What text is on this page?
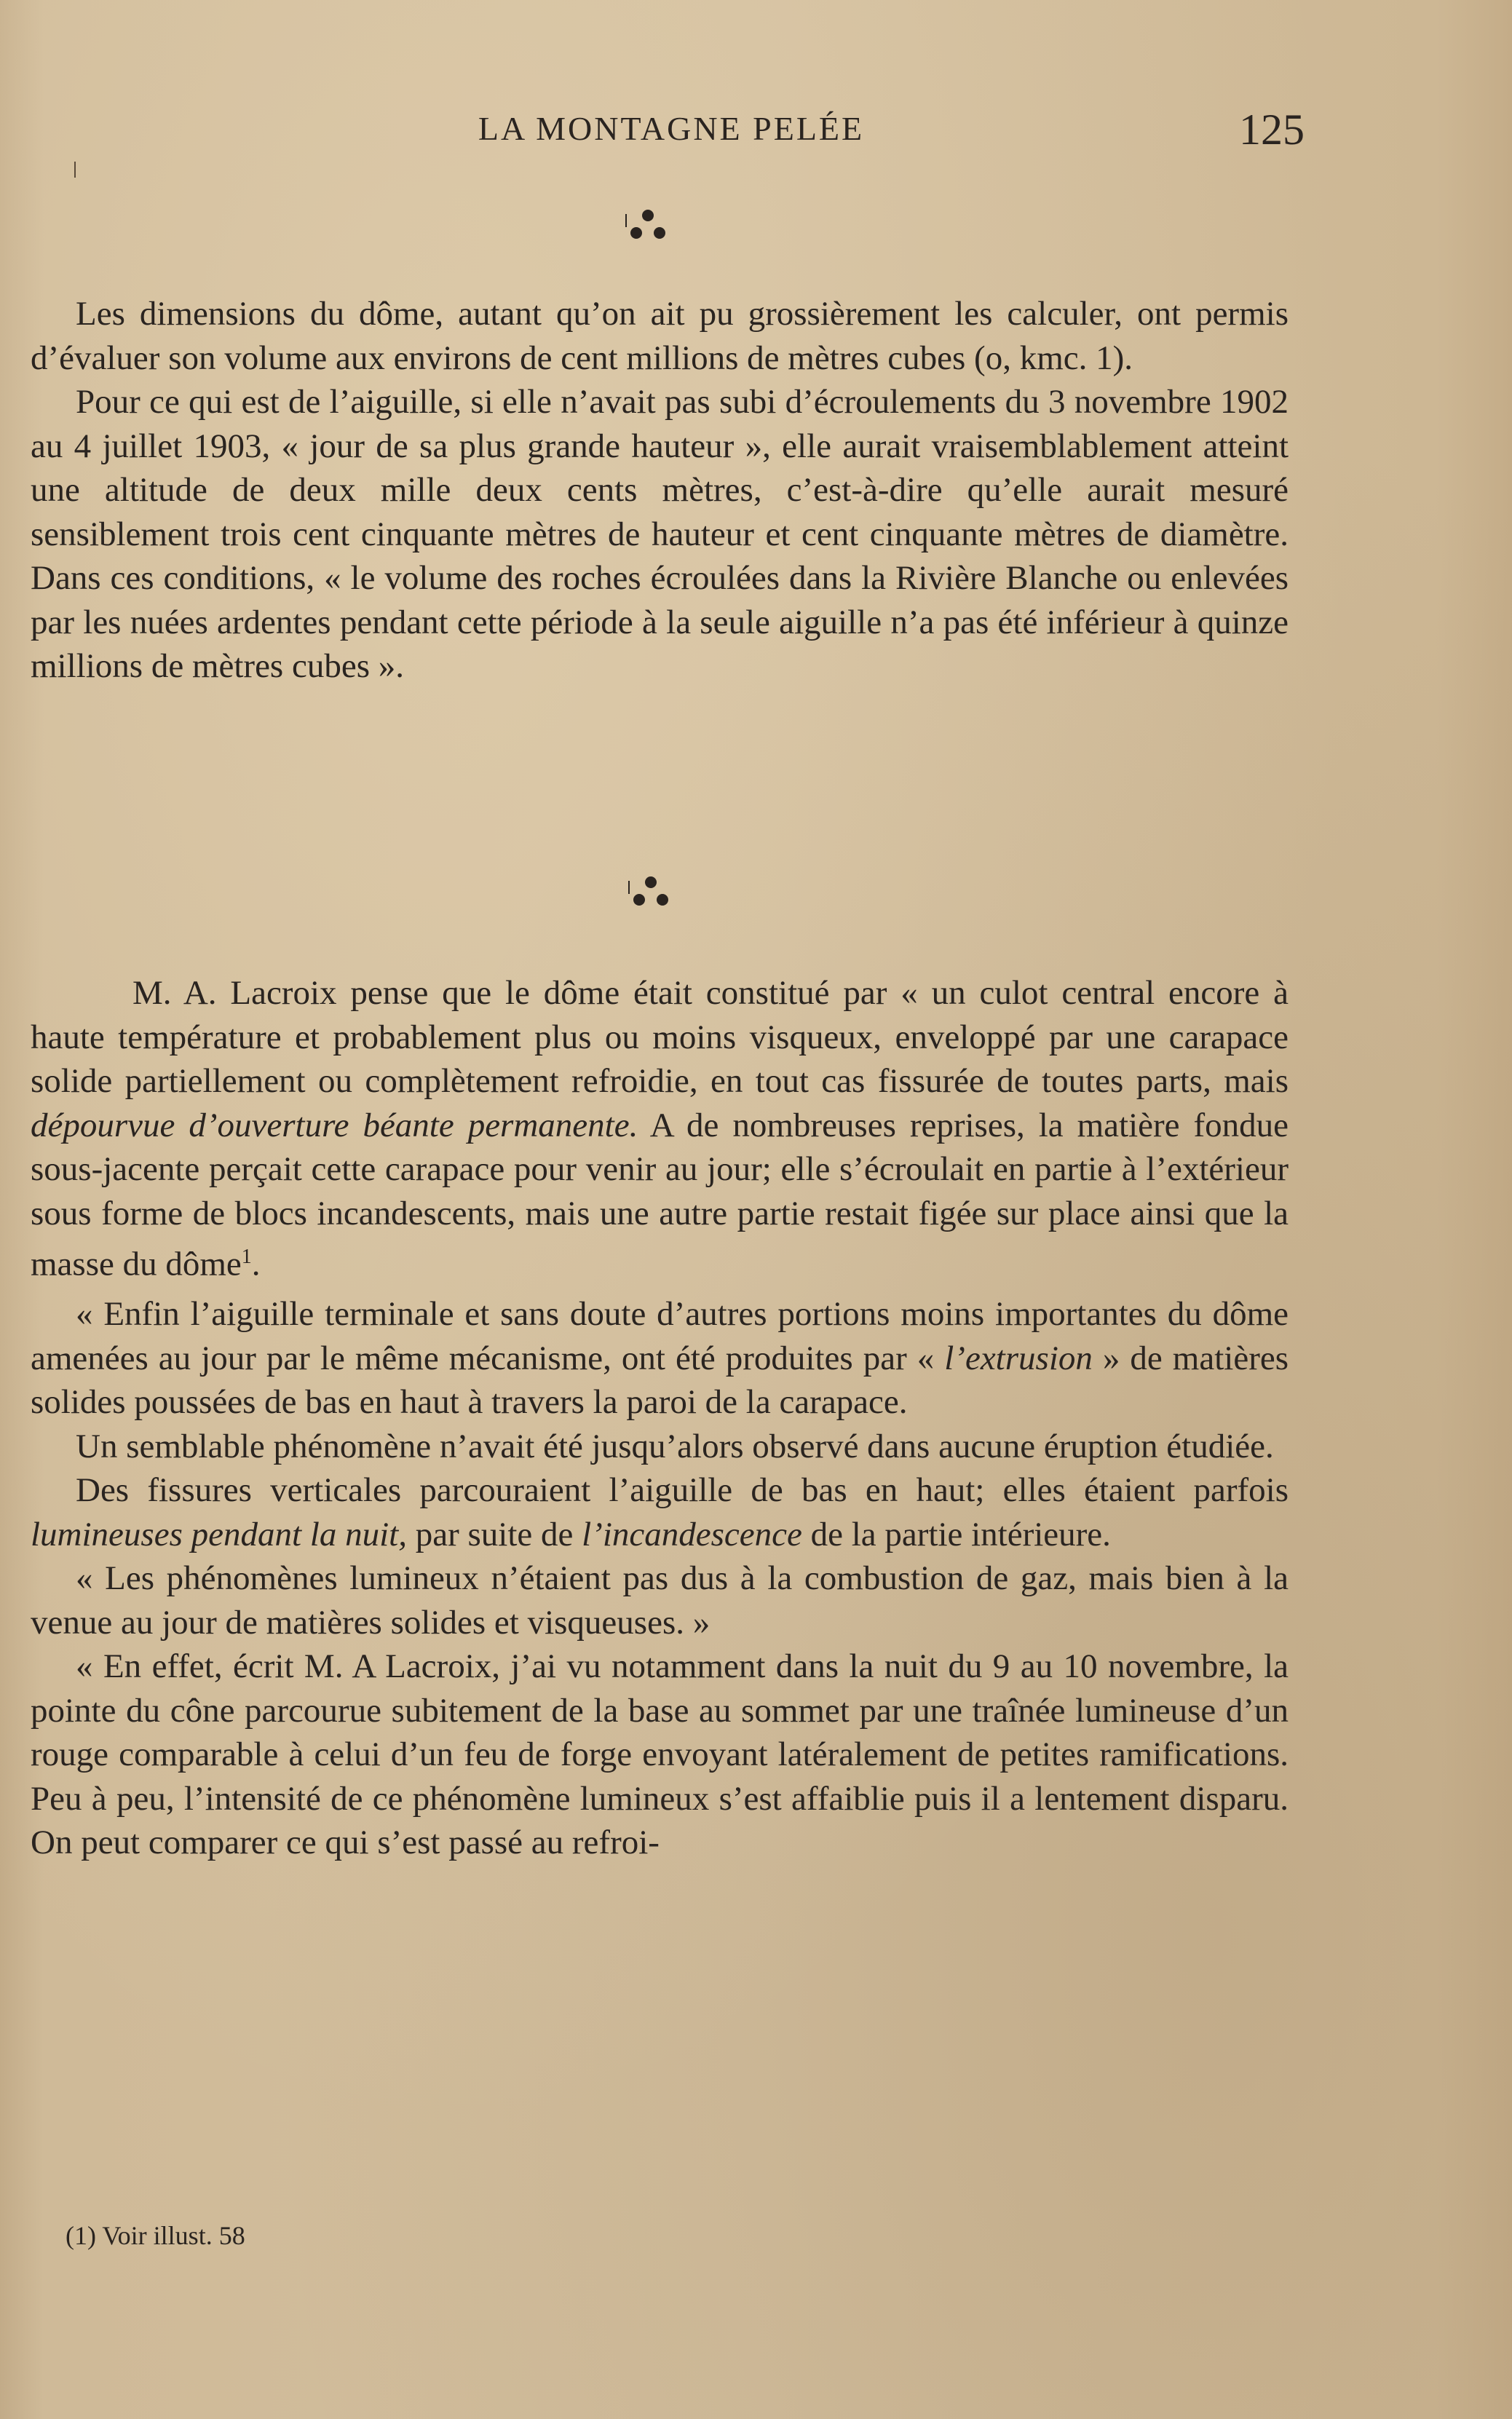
LA MONTAGNE PELÉE	125

Les dimensions du dôme, autant qu’on ait pu grossièrement les calculer, ont permis d’évaluer son volume aux environs de cent millions de mètres cubes (o, kmc. 1).

Pour ce qui est de l’aiguille, si elle n’avait pas subi d’écroulements du 3 novembre 1902 au 4 juillet 1903, « jour de sa plus grande hauteur », elle aurait vraisemblablement atteint une altitude de deux mille deux cents mètres, c’est-à-dire qu’elle aurait mesuré sensiblement trois cent cinquante mètres de hauteur et cent cinquante mètres de diamètre. Dans ces conditions, « le volume des roches écroulées dans la Rivière Blanche ou enlevées par les nuées ardentes pendant cette période à la seule aiguille n’a pas été inférieur à quinze millions de mètres cubes ».

M. A. Lacroix pense que le dôme était constitué par « un culot central encore à haute température et probablement plus ou moins visqueux, enveloppé par une carapace solide partiellement ou complètement refroidie, en tout cas fissurée de toutes parts, mais dépourvue d’ouverture béante permanente. A de nombreuses reprises, la matière fondue sous-jacente perçait cette carapace pour venir au jour; elle s’écroulait en partie à l’extérieur sous forme de blocs incandescents, mais une autre partie restait figée sur place ainsi que la masse du dôme$^1$.

« Enfin l’aiguille terminale et sans doute d’autres portions moins importantes du dôme amenées au jour par le même mécanisme, ont été produites par « l’extrusion » de matières solides poussées de bas en haut à travers la paroi de la carapace.

Un semblable phénomène n’avait été jusqu’alors observé dans aucune éruption étudiée.

Des fissures verticales parcouraient l’aiguille de bas en haut; elles étaient parfois lumineuses pendant la nuit, par suite de l’incandescence de la partie intérieure.

« Les phénomènes lumineux n’étaient pas dus à la combustion de gaz, mais bien à la venue au jour de matières solides et visqueuses. »

« En effet, écrit M. A Lacroix, j’ai vu notamment dans la nuit du 9 au 10 novembre, la pointe du cône parcourue subitement de la base au sommet par une traînée lumineuse d’un rouge comparable à celui d’un feu de forge envoyant latéralement de petites ramifications. Peu à peu, l’intensité de ce phénomène lumineux s’est affaiblie puis il a lentement disparu. On peut comparer ce qui s’est passé au refroi-

(1) Voir illust. 58
